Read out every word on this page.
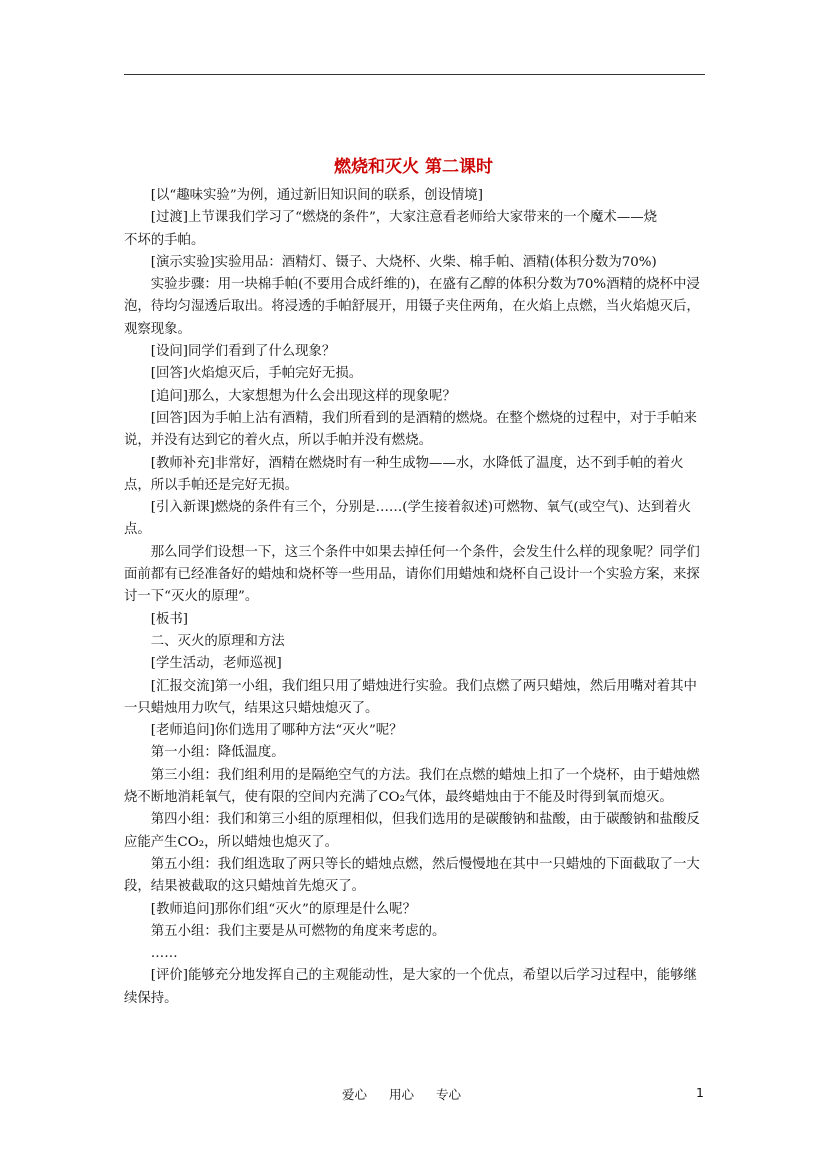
燃烧和灭火 第二课时

[以“趣味实验”为例，通过新旧知识间的联系，创设情境]

[过渡]上节课我们学习了“燃烧的条件”，大家注意看老师给大家带来的一个魔术——烧

不坏的手帕。

[演示实验]实验用品：酒精灯、镊子、大烧杯、火柴、棉手帕、酒精(体积分数为70%)

实验步骤：用一块棉手帕(不要用合成纤维的)，在盛有乙醇的体积分数为70%酒精的烧杯中浸泡，待均匀湿透后取出。将浸透的手帕舒展开，用镊子夹住两角，在火焰上点燃，当火焰熄灭后，观察现象。

[设问]同学们看到了什么现象？

[回答]火焰熄灭后，手帕完好无损。

[追问]那么，大家想想为什么会出现这样的现象呢？

[回答]因为手帕上沾有酒精，我们所看到的是酒精的燃烧。在整个燃烧的过程中，对于手帕来说，并没有达到它的着火点，所以手帕并没有燃烧。

[教师补充]非常好，酒精在燃烧时有一种生成物——水，水降低了温度，达不到手帕的着火点，所以手帕还是完好无损。

[引入新课]燃烧的条件有三个，分别是……(学生接着叙述)可燃物、氧气(或空气)、达到着火点。

那么同学们设想一下，这三个条件中如果去掉任何一个条件，会发生什么样的现象呢？同学们面前都有已经准备好的蜡烛和烧杯等一些用品，请你们用蜡烛和烧杯自己设计一个实验方案，来探讨一下“灭火的原理”。

[板书]

二、灭火的原理和方法

[学生活动，老师巡视]

[汇报交流]第一小组，我们组只用了蜡烛进行实验。我们点燃了两只蜡烛，然后用嘴对着其中一只蜡烛用力吹气，结果这只蜡烛熄灭了。

[老师追问]你们选用了哪种方法“灭火”呢？

第一小组：降低温度。

第三小组：我们组利用的是隔绝空气的方法。我们在点燃的蜡烛上扣了一个烧杯，由于蜡烛燃烧不断地消耗氧气，使有限的空间内充满了CO₂气体，最终蜡烛由于不能及时得到氧而熄灭。

第四小组：我们和第三小组的原理相似，但我们选用的是碳酸钠和盐酸，由于碳酸钠和盐酸反应能产生CO₂，所以蜡烛也熄灭了。

第五小组：我们组选取了两只等长的蜡烛点燃，然后慢慢地在其中一只蜡烛的下面截取了一大段，结果被截取的这只蜡烛首先熄灭了。

[教师追问]那你们组“灭火”的原理是什么呢？

第五小组：我们主要是从可燃物的角度来考虑的。

……

[评价]能够充分地发挥自己的主观能动性，是大家的一个优点，希望以后学习过程中，能够继续保持。

爱心 用心 专心	1
